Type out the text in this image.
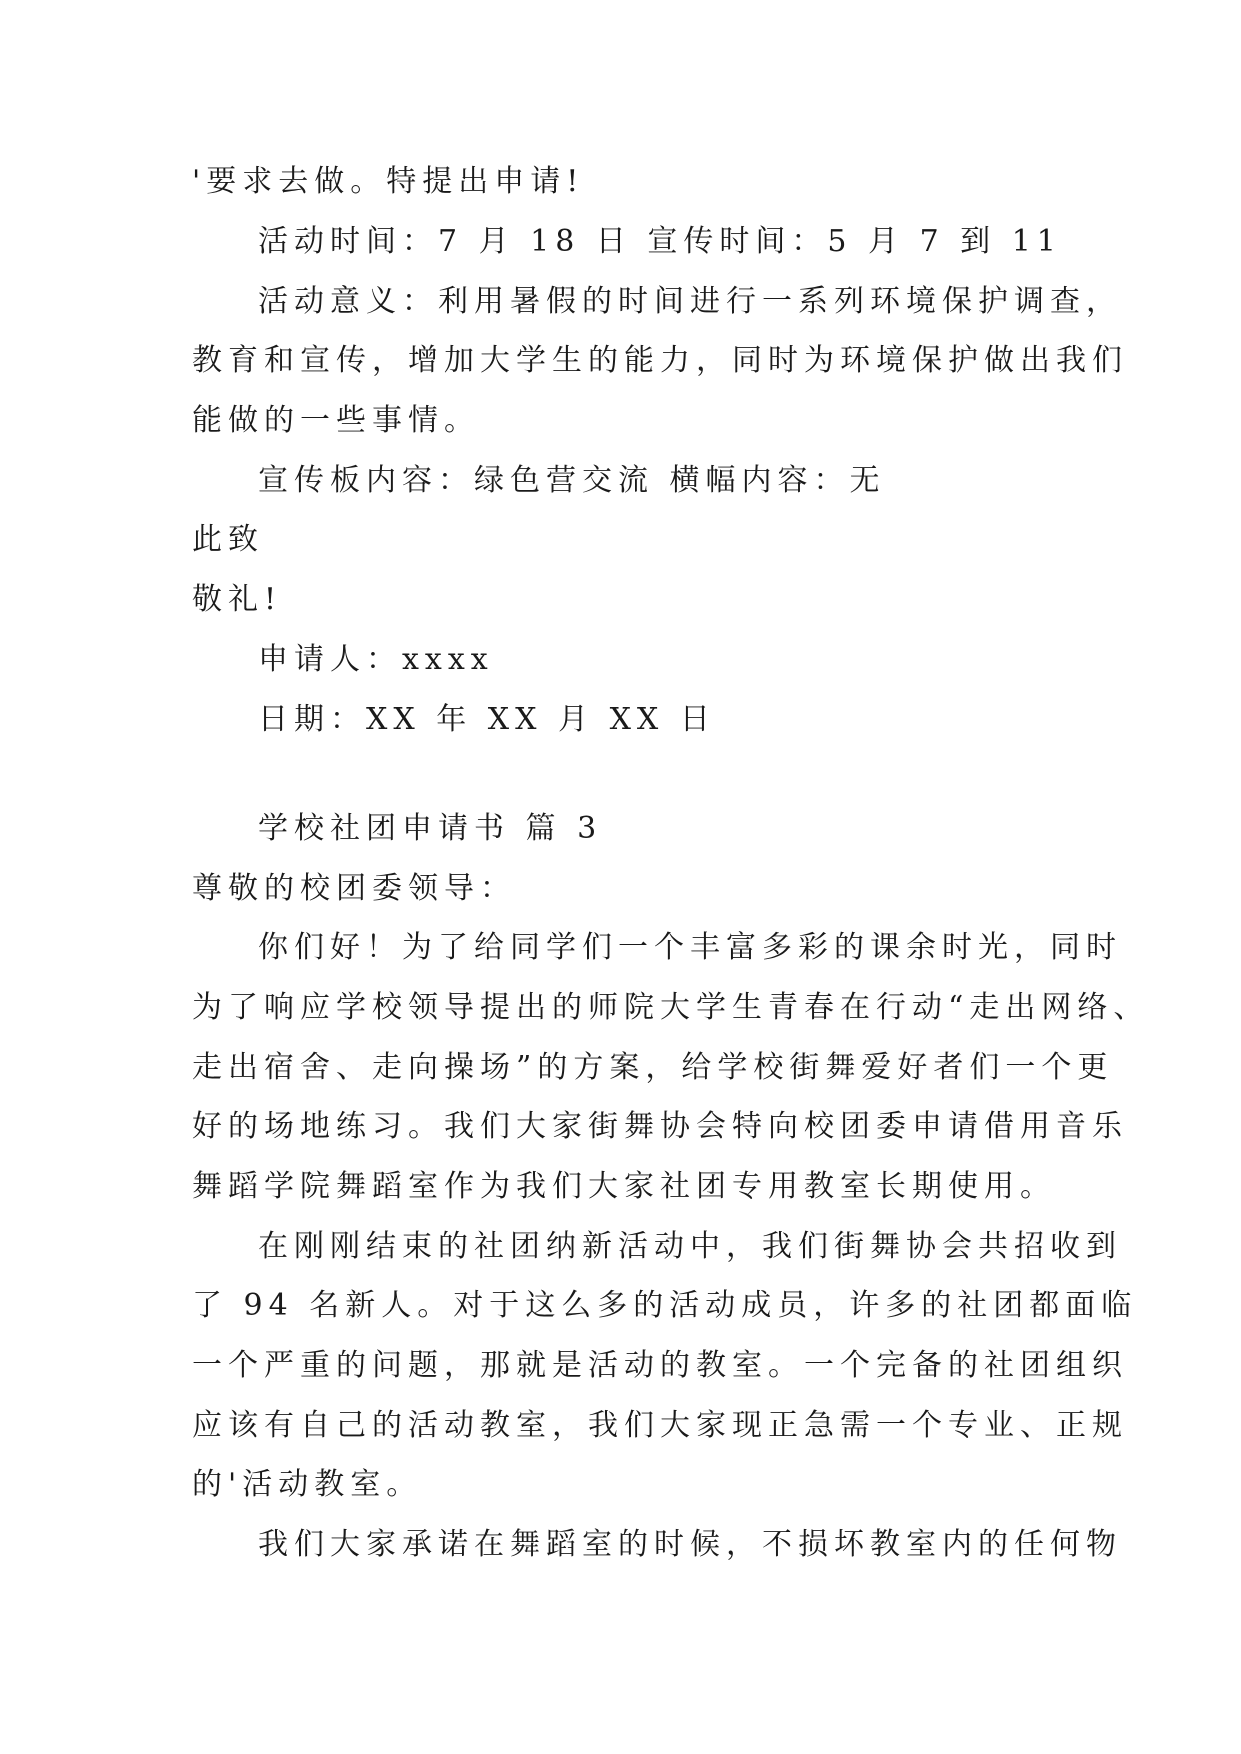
'要求去做。特提出申请!
活动时间：7 月 18 日 宣传时间：5 月 7 到 11
活动意义：利用暑假的时间进行一系列环境保护调查，
教育和宣传，增加大学生的能力，同时为环境保护做出我们
能做的一些事情。
宣传板内容：绿色营交流 横幅内容：无
此致
敬礼!
申请人：xxxx
日期：XX 年 XX 月 XX 日
学校社团申请书 篇 3
尊敬的校团委领导：
你们好！为了给同学们一个丰富多彩的课余时光，同时
为了响应学校领导提出的师院大学生青春在行动“走出网络、
走出宿舍、走向操场”的方案，给学校街舞爱好者们一个更
好的场地练习。我们大家街舞协会特向校团委申请借用音乐
舞蹈学院舞蹈室作为我们大家社团专用教室长期使用。
在刚刚结束的社团纳新活动中，我们街舞协会共招收到
了 94 名新人。对于这么多的活动成员，许多的社团都面临
一个严重的问题，那就是活动的教室。一个完备的社团组织
应该有自己的活动教室，我们大家现正急需一个专业、正规
的'活动教室。
我们大家承诺在舞蹈室的时候，不损坏教室内的任何物
